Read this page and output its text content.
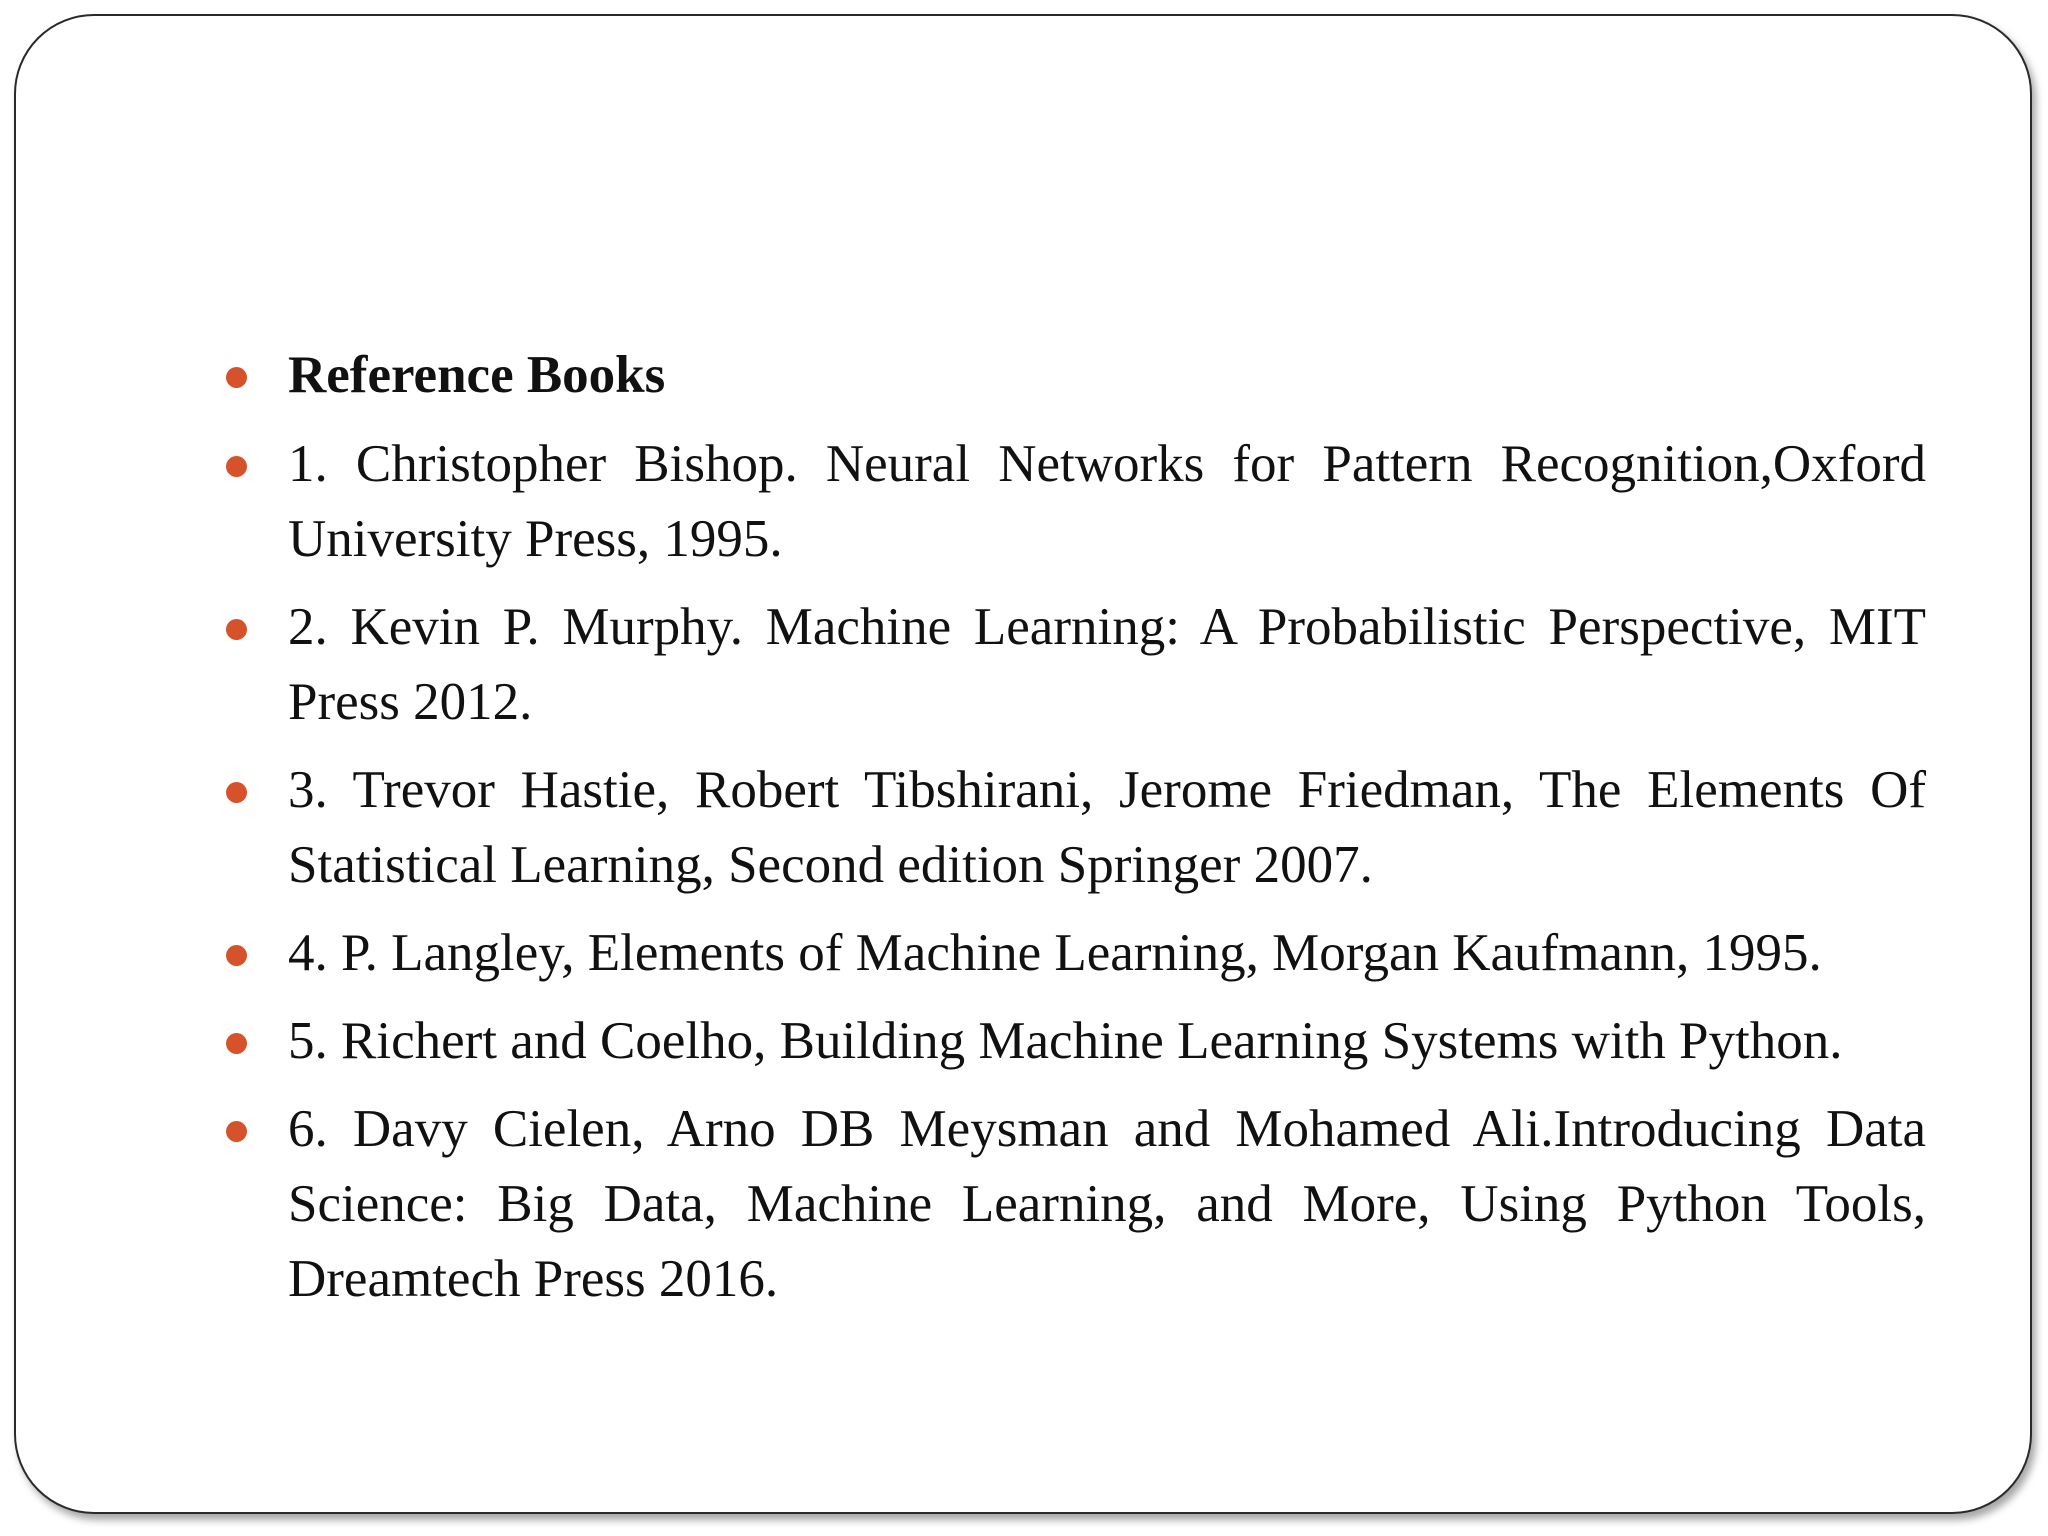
Reference Books
1. Christopher Bishop. Neural Networks for Pattern Recognition,Oxford University Press, 1995.
2. Kevin P. Murphy. Machine Learning: A Probabilistic Perspective, MIT Press 2012.
3. Trevor Hastie, Robert Tibshirani, Jerome Friedman, The Elements Of Statistical Learning, Second edition Springer 2007.
4. P. Langley, Elements of Machine Learning, Morgan Kaufmann, 1995.
5. Richert and Coelho, Building Machine Learning Systems with Python.
6. Davy Cielen, Arno DB Meysman and Mohamed Ali.Introducing Data Science: Big Data, Machine Learning, and More, Using Python Tools, Dreamtech Press 2016.
